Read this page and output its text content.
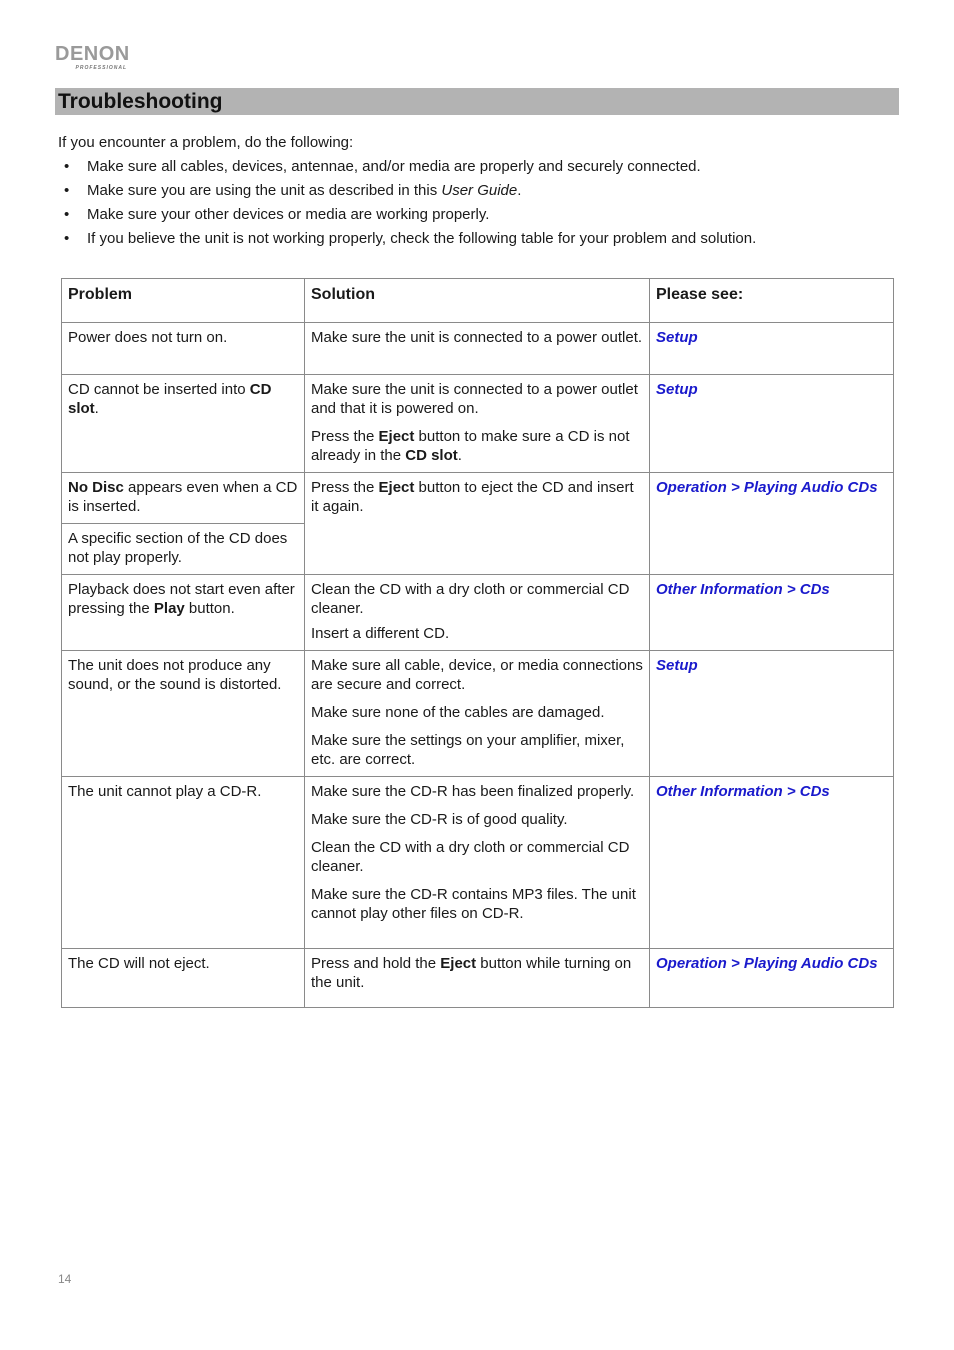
DENON
PROFESSIONAL
Troubleshooting
If you encounter a problem, do the following:
• Make sure all cables, devices, antennae, and/or media are properly and securely connected.
• Make sure you are using the unit as described in this User Guide.
• Make sure your other devices or media are working properly.
• If you believe the unit is not working properly, check the following table for your problem and solution.
Problem	Solution	Please see:
Power does not turn on.	Make sure the unit is connected to a power outlet.	Setup
CD cannot be inserted into CD slot.	Make sure the unit is connected to a power outlet and that it is powered on.

Press the Eject button to make sure a CD is not already in the CD slot.	Setup
No Disc appears even when a CD is inserted.	Press the Eject button to eject the CD and insert it again.	Operation > Playing Audio CDs
A specific section of the CD does not play properly.		
Playback does not start even after pressing the Play button.	Clean the CD with a dry cloth or commercial CD cleaner.

Insert a different CD.	Other Information > CDs
The unit does not produce any sound, or the sound is distorted.	Make sure all cable, device, or media connections are secure and correct.

Make sure none of the cables are damaged.

Make sure the settings on your amplifier, mixer, etc. are correct.	Setup
The unit cannot play a CD-R.	Make sure the CD-R has been finalized properly.

Make sure the CD-R is of good quality.

Clean the CD with a dry cloth or commercial CD cleaner.

Make sure the CD-R contains MP3 files. The unit cannot play other files on CD-R.	Other Information > CDs
The CD will not eject.	Press and hold the Eject button while turning on the unit.	Operation > Playing Audio CDs
14
